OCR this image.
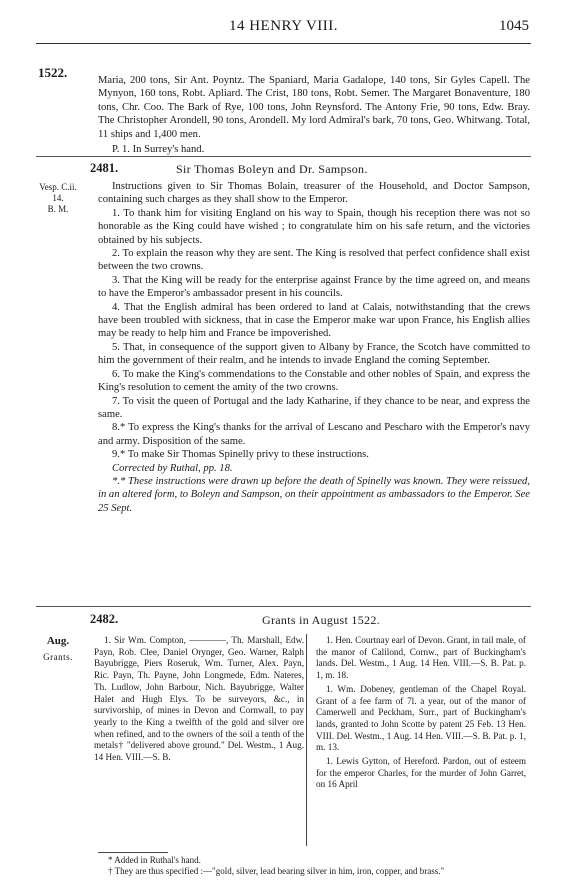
14 HENRY VIII.	1045
1522.

Maria, 200 tons, Sir Ant. Poyntz. The Spaniard, Maria Gadalope, 140 tons, Sir Gyles Capell. The Mynyon, 160 tons, Robt. Apliard. The Crist, 180 tons, Robt. Semer. The Margaret Bonaventure, 180 tons, Chr. Coo. The Bark of Rye, 100 tons, John Reynsford. The Antony Frie, 90 tons, Edw. Bray. The Christopher Arondell, 90 tons, Arondell. My lord Admiral's bark, 70 tons, Geo. Whitwang. Total, 11 ships and 1,400 men.

P. 1. In Surrey's hand.

2481.	Sir Thomas Boleyn and Dr. Sampson.
Vesp. C.ii.
14.
B. M.

Instructions given to Sir Thomas Bolain, treasurer of the Household, and Doctor Sampson, containing such charges as they shall show to the Emperor.

1. To thank him for visiting England on his way to Spain, though his reception there was not so honorable as the King could have wished ; to congratulate him on his safe return, and the victories obtained by his subjects.

2. To explain the reason why they are sent. The King is resolved that perfect confidence shall exist between the two crowns.

3. That the King will be ready for the enterprise against France by the time agreed on, and means to have the Emperor's ambassador present in his councils.

4. That the English admiral has been ordered to land at Calais, notwithstanding that the crews have been troubled with sickness, that in case the Emperor make war upon France, his English allies may be ready to help him and France be impoverished.

5. That, in consequence of the support given to Albany by France, the Scotch have committed to him the government of their realm, and he intends to invade England the coming September.

6. To make the King's commendations to the Constable and other nobles of Spain, and express the King's resolution to cement the amity of the two crowns.

7. To visit the queen of Portugal and the lady Katharine, if they chance to be near, and express the same.

8.* To express the King's thanks for the arrival of Lescano and Pescharo with the Emperor's navy and army. Disposition of the same.

9.* To make Sir Thomas Spinelly privy to these instructions.

Corrected by Ruthal, pp. 18.

*.* These instructions were drawn up before the death of Spinelly was known. They were reissued, in an altered form, to Boleyn and Sampson, on their appointment as ambassadors to the Emperor. See 25 Sept.

2482.	Grants in August 1522.
Aug.
Grants.

1. Sir Wm. Compton, ————, Th. Marshall, Edw. Payn, Rob. Clee, Daniel Orynger, Geo. Warner, Ralph Bayubrigge, Piers Roseruk, Wm. Turner, Alex. Payn, Ric. Payn, Th. Payne, John Longmede, Edm. Nateres, Th. Ludlow, John Barbour, Nich. Bayubrigge, Walter Halet and Hugh Elys. To be surveyors, &c., in survivorship, of mines in Devon and Cornwall, to pay yearly to the King a twelfth of the gold and silver ore when refined, and to the owners of the soil a tenth of the metals† "delivered above ground." Del. Westm., 1 Aug. 14 Hen. VIII.—S. B.

1. Hen. Courtnay earl of Devon. Grant, in tail male, of the manor of Calilond, Cornw., part of Buckingham's lands. Del. Westm., 1 Aug. 14 Hen. VIII.—S. B. Pat. p. 1, m. 18.

1. Wm. Dobeney, gentleman of the Chapel Royal. Grant of a fee farm of 7l. a year, out of the manor of Camerwell and Peckham, Surr., part of Buckingham's lands, granted to John Scotte by patent 25 Feb. 13 Hen. VIII. Del. Westm., 1 Aug. 14 Hen. VIII.—S. B. Pat. p. 1, m. 13.

1. Lewis Gytton, of Hereford. Pardon, out of esteem for the emperor Charles, for the murder of John Garret, on 16 April

* Added in Ruthal's hand.
† They are thus specified :—"gold, silver, lead bearing silver in him, iron, copper, and brass."
